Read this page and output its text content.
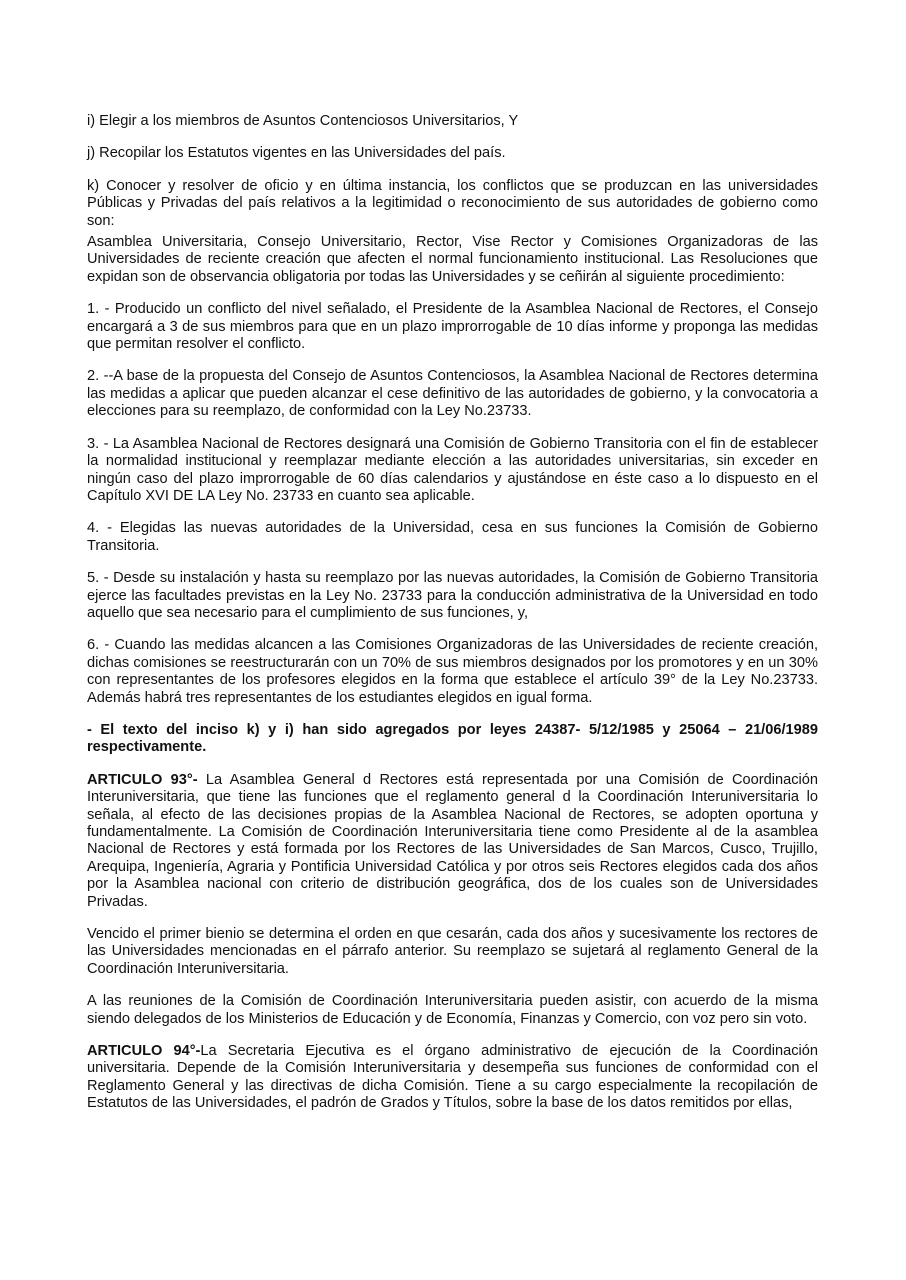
i) Elegir a los miembros de Asuntos Contenciosos Universitarios, Y

j) Recopilar los Estatutos vigentes en las Universidades del país.

k) Conocer y resolver de oficio y en última instancia, los conflictos que se produzcan en las universidades Públicas y Privadas del país relativos a la legitimidad o reconocimiento de sus autoridades de gobierno como son:

Asamblea Universitaria, Consejo Universitario, Rector, Vise Rector y Comisiones Organizadoras de las Universidades de reciente creación que afecten el normal funcionamiento institucional. Las Resoluciones que expidan son de observancia obligatoria por todas las Universidades y se ceñirán al siguiente procedimiento:

1. - Producido un conflicto del nivel señalado, el Presidente de la Asamblea Nacional de Rectores, el Consejo encargará a 3 de sus miembros para que en un plazo improrrogable de 10 días informe y proponga las medidas que permitan resolver el conflicto.

2. --A base de la propuesta del Consejo de Asuntos Contenciosos, la Asamblea Nacional de Rectores determina las medidas a aplicar que pueden alcanzar el cese definitivo de las autoridades de gobierno, y la convocatoria a elecciones para su reemplazo, de conformidad con la Ley No.23733.

3. - La Asamblea Nacional de Rectores designará una Comisión de Gobierno Transitoria con el fin de establecer la normalidad institucional y reemplazar mediante elección a las autoridades universitarias, sin exceder en ningún caso del plazo improrrogable de 60 días calendarios y ajustándose en éste caso a lo dispuesto en el Capítulo XVI DE LA Ley No. 23733 en cuanto sea aplicable.

4. - Elegidas las nuevas autoridades de la Universidad, cesa en sus funciones la Comisión de Gobierno Transitoria.

5. - Desde su instalación y hasta su reemplazo por las nuevas autoridades, la Comisión de Gobierno Transitoria ejerce las facultades previstas en la Ley No. 23733 para la conducción administrativa de la Universidad en todo aquello que sea necesario para el cumplimiento de sus funciones, y,

6. - Cuando las medidas alcancen a las Comisiones Organizadoras de las Universidades de reciente creación, dichas comisiones se reestructurarán con un 70% de sus miembros designados por los promotores y en un 30% con representantes de los profesores elegidos en la forma que establece el artículo 39° de la Ley No.23733. Además habrá tres representantes de los estudiantes elegidos en igual forma.

- El texto del inciso k) y i) han sido agregados por leyes 24387- 5/12/1985 y 25064 – 21/06/1989 respectivamente.

ARTICULO 93°- La Asamblea General d Rectores está representada por una Comisión de Coordinación Interuniversitaria, que tiene las funciones que el reglamento general d la Coordinación Interuniversitaria lo señala, al efecto de las decisiones propias de la Asamblea Nacional de Rectores, se adopten oportuna y fundamentalmente. La Comisión de Coordinación Interuniversitaria tiene como Presidente al de la asamblea Nacional de Rectores y está formada por los Rectores de las Universidades de San Marcos, Cusco, Trujillo, Arequipa, Ingeniería, Agraria y Pontificia Universidad Católica y por otros seis Rectores elegidos cada dos años por la Asamblea nacional con criterio de distribución geográfica, dos de los cuales son de Universidades Privadas.

Vencido el primer bienio se determina el orden en que cesarán, cada dos años y sucesivamente los rectores de las Universidades mencionadas en el párrafo anterior. Su reemplazo se sujetará al reglamento General de la Coordinación Interuniversitaria.

A las reuniones de la Comisión de Coordinación Interuniversitaria pueden asistir, con acuerdo de la misma siendo delegados de los Ministerios de Educación y de Economía, Finanzas y Comercio, con voz pero sin voto.

ARTICULO 94°-La Secretaria Ejecutiva es el órgano administrativo de ejecución de la Coordinación universitaria. Depende de la Comisión Interuniversitaria y desempeña sus funciones de conformidad con el Reglamento General y las directivas de dicha Comisión. Tiene a su cargo especialmente la recopilación de Estatutos de las Universidades, el padrón de Grados y Títulos, sobre la base de los datos remitidos por ellas,
